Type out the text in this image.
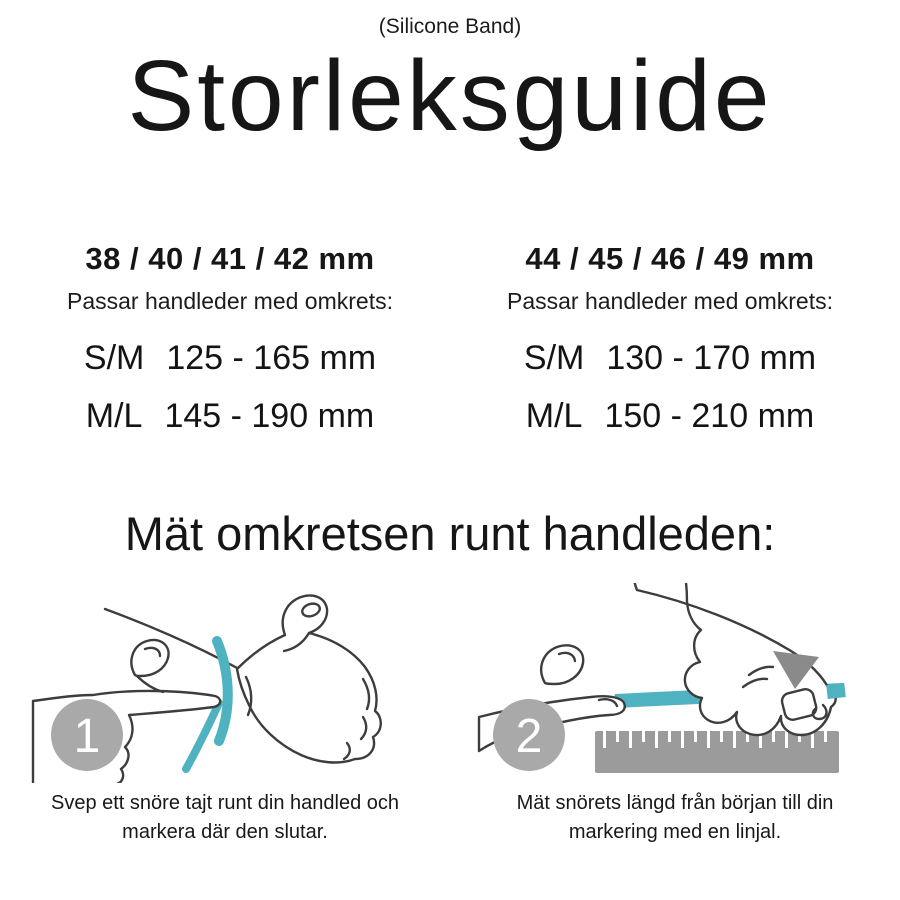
(Silicone Band)
Storleksguide
38 / 40 / 41 / 42 mm
Passar handleder med omkrets:
S/M 125 - 165 mm
M/L 145 - 190 mm
44 / 45 / 46 / 49 mm
Passar handleder med omkrets:
S/M 130 - 170 mm
M/L 150 - 210 mm
Mät omkretsen runt handleden:
1
Svep ett snöre tajt runt din handled och markera där den slutar.
2
Mät snörets längd från början till din markering med en linjal.
